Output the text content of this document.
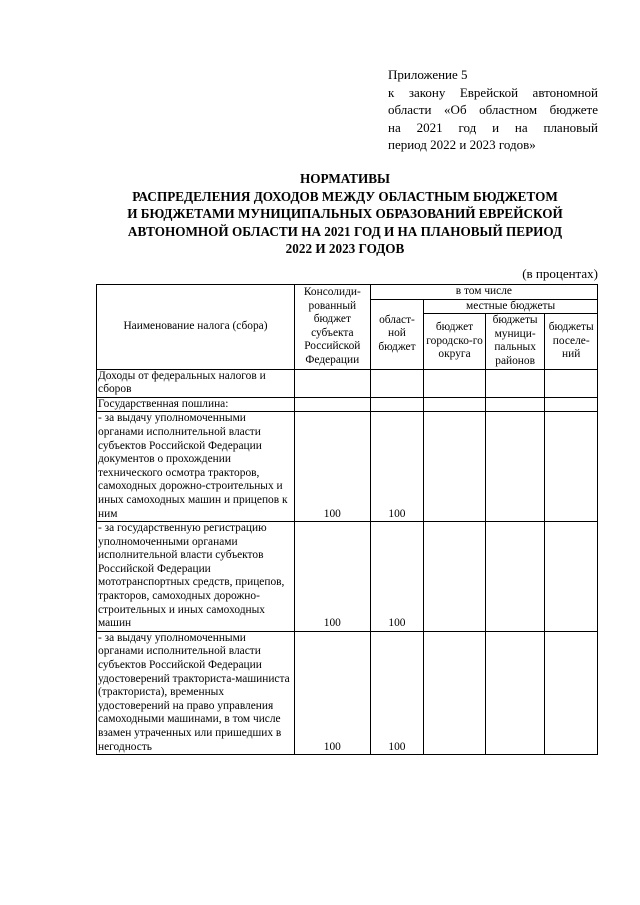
Приложение 5
к закону Еврейской автономной
области «Об областном бюджете
на 2021 год и на плановый
период 2022 и 2023 годов»
НОРМАТИВЫ
РАСПРЕДЕЛЕНИЯ ДОХОДОВ МЕЖДУ ОБЛАСТНЫМ БЮДЖЕТОМ
И БЮДЖЕТАМИ МУНИЦИПАЛЬНЫХ ОБРАЗОВАНИЙ ЕВРЕЙСКОЙ
АВТОНОМНОЙ ОБЛАСТИ НА 2021 ГОД И НА ПЛАНОВЫЙ ПЕРИОД
2022 И 2023 ГОДОВ
(в процентах)
Наименование налога (сбора)	Консолиди-рованный бюджет субъекта Российской Федерации	в том числе			
		област-ной бюджет	местные бюджеты		
			бюджет городско-го округа	бюджеты муници-пальных районов	бюджеты поселе-ний
Доходы от федеральных налогов и сборов					
Государственная пошлина:					
- за выдачу уполномоченными органами исполнительной власти субъектов Российской Федерации документов о прохождении технического осмотра тракторов, самоходных дорожно-строительных и иных самоходных машин и прицепов к ним	100	100			
- за государственную регистрацию уполномоченными органами исполнительной власти субъектов Российской Федерации мототранспортных средств, прицепов, тракторов, самоходных дорожно-строительных и иных самоходных машин	100	100			
- за выдачу уполномоченными органами исполнительной власти субъектов Российской Федерации удостоверений тракториста-машиниста (тракториста), временных удостоверений на право управления самоходными машинами, в том числе взамен утраченных или пришедших в негодность	100	100			
